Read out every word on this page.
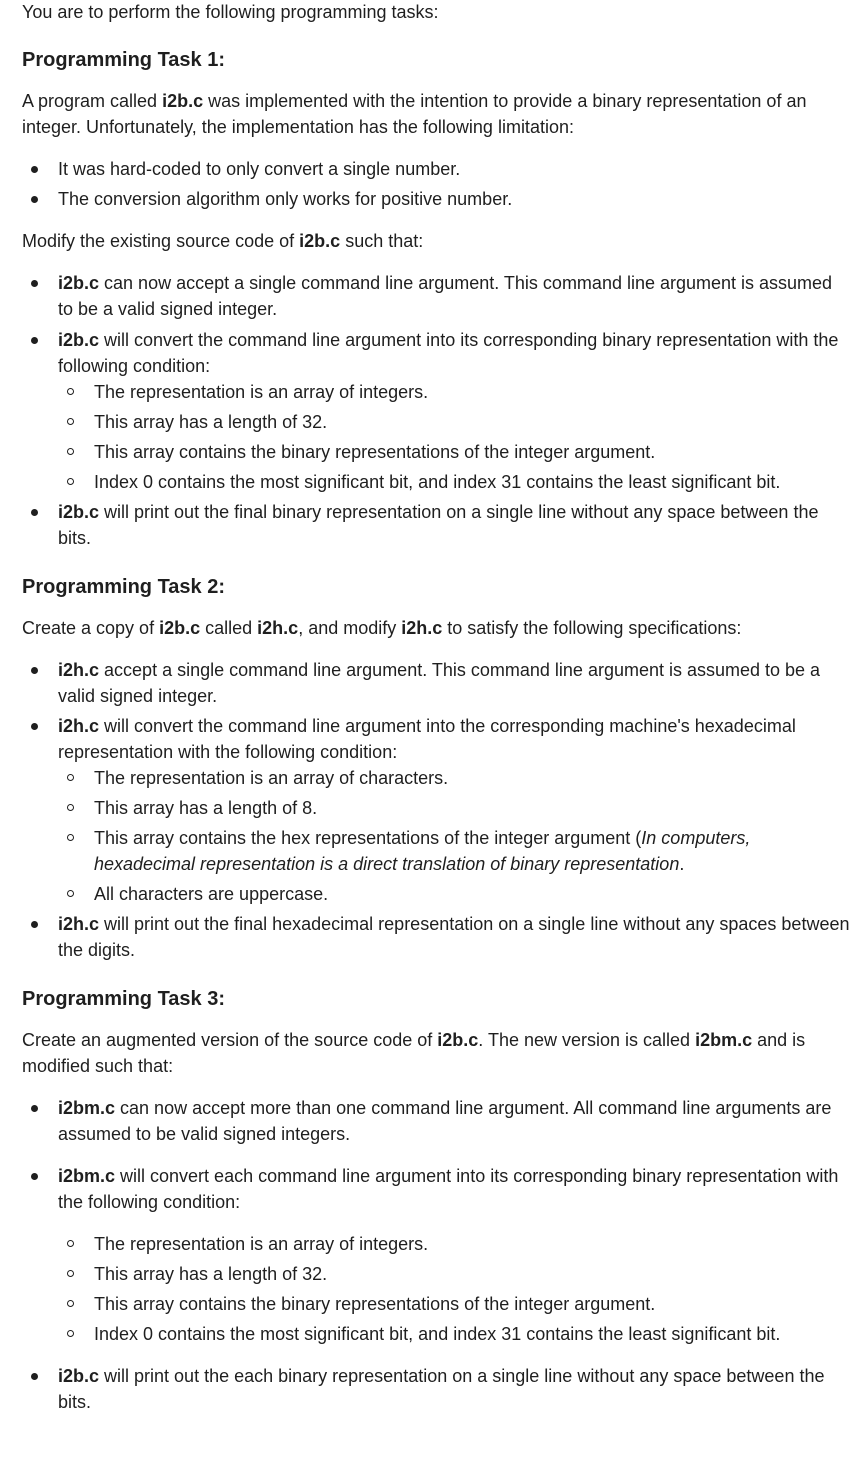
You are to perform the following programming tasks:

Programming Task 1:

A program called i2b.c was implemented with the intention to provide a binary representation of an integer. Unfortunately, the implementation has the following limitation:

It was hard-coded to only convert a single number.
The conversion algorithm only works for positive number.

Modify the existing source code of i2b.c such that:

i2b.c can now accept a single command line argument. This command line argument is assumed to be a valid signed integer.
i2b.c will convert the command line argument into its corresponding binary representation with the following condition:
The representation is an array of integers.
This array has a length of 32.
This array contains the binary representations of the integer argument.
Index 0 contains the most significant bit, and index 31 contains the least significant bit.
i2b.c will print out the final binary representation on a single line without any space between the bits.
Programming Task 2:

Create a copy of i2b.c called i2h.c, and modify i2h.c to satisfy the following specifications:

i2h.c accept a single command line argument. This command line argument is assumed to be a valid signed integer.
i2h.c will convert the command line argument into the corresponding machine's hexadecimal representation with the following condition:
The representation is an array of characters.
This array has a length of 8.
This array contains the hex representations of the integer argument (In computers, hexadecimal representation is a direct translation of binary representation.
All characters are uppercase.
i2h.c will print out the final hexadecimal representation on a single line without any spaces between the digits.
Programming Task 3:

Create an augmented version of the source code of i2b.c. The new version is called i2bm.c and is modified such that:

i2bm.c can now accept more than one command line argument. All command line arguments are assumed to be valid signed integers.
i2bm.c will convert each command line argument into its corresponding binary representation with the following condition:
The representation is an array of integers.
This array has a length of 32.
This array contains the binary representations of the integer argument.
Index 0 contains the most significant bit, and index 31 contains the least significant bit.
i2b.c will print out the each binary representation on a single line without any space between the bits.
